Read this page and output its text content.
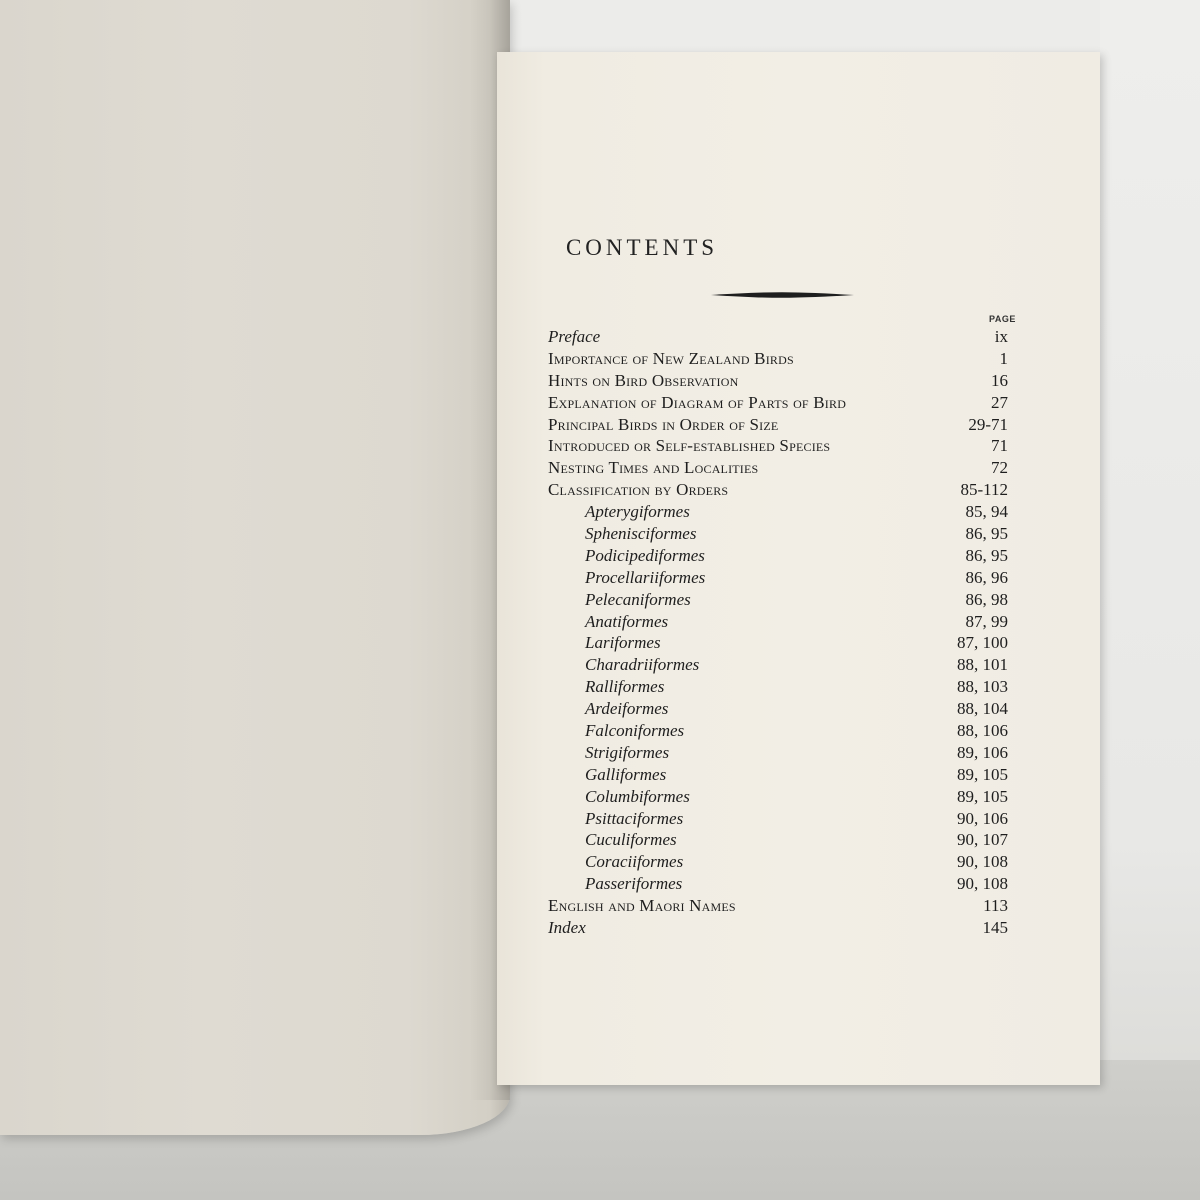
CONTENTS
PAGE
Preface	ix
Importance of New Zealand Birds	1
Hints on Bird Observation	16
Explanation of Diagram of Parts of Bird	27
Principal Birds in Order of Size	29-71
Introduced or Self-established Species	71
Nesting Times and Localities	72
Classification by Orders	85-112
Apterygiformes	85, 94
Sphenisciformes	86, 95
Podicipediformes	86, 95
Procellariiformes	86, 96
Pelecaniformes	86, 98
Anatiformes	87, 99
Lariformes	87, 100
Charadriiformes	88, 101
Ralliformes	88, 103
Ardeiformes	88, 104
Falconiformes	88, 106
Strigiformes	89, 106
Galliformes	89, 105
Columbiformes	89, 105
Psittaciformes	90, 106
Cuculiformes	90, 107
Coraciiformes	90, 108
Passeriformes	90, 108
English and Maori Names	113
Index	145
